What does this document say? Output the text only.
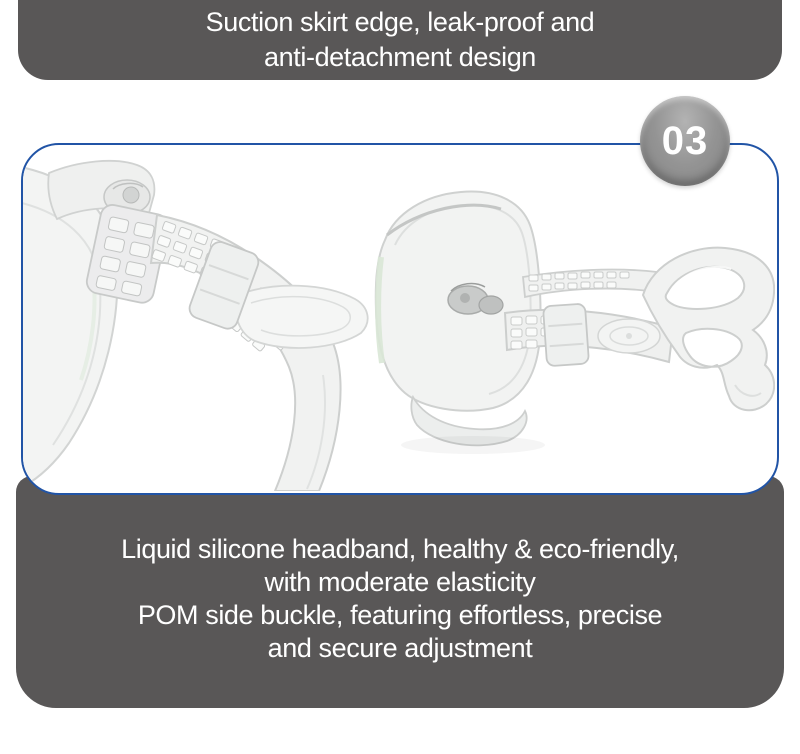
Suction skirt edge, leak-proof and
anti-detachment design
03
Liquid silicone headband, healthy & eco-friendly,
with moderate elasticity
POM side buckle, featuring effortless, precise
and secure adjustment
